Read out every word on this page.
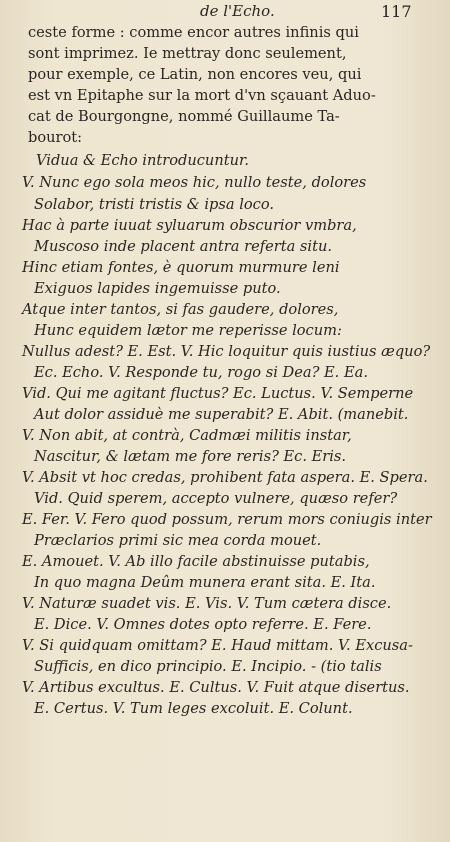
de l'Echo.	117
ceste forme : comme encor autres infinis qui
sont imprimez. Ie mettray donc seulement,
pour exemple, ce Latin, non encores veu, qui
est vn Epitaphe sur la mort d'vn sçauant Aduo-
cat de Bourgongne, nommé Guillaume Ta-
bourot:
Vidua & Echo introducuntur.
V. Nunc ego sola meos hic, nullo teste, dolores
Solabor, tristi tristis & ipsa loco.
Hac à parte iuuat syluarum obscurior vmbra,
Muscoso inde placent antra referta situ.
Hinc etiam fontes, è quorum murmure leni
Exiguos lapides ingemuisse puto.
Atque inter tantos, si fas gaudere, dolores,
Hunc equidem lætor me reperisse locum:
Nullus adest? E. Est. V. Hic loquitur quis iustius æquo?
Ec. Echo. V. Responde tu, rogo si Dea? E. Ea.
Vid. Qui me agitant fluctus? Ec. Luctus. V. Semperne
Aut dolor assiduè me superabit? E. Abit. (manebit.
V. Non abit, at contrà, Cadmæi militis instar,
Nascitur, & lætam me fore reris? Ec. Eris.
V. Absit vt hoc credas, prohibent fata aspera. E. Spera.
Vid. Quid sperem, accepto vulnere, quæso refer?
E. Fer. V. Fero quod possum, rerum mors coniugis inter
Præclarios primi sic mea corda mouet.
E. Amouet. V. Ab illo facile abstinuisse putabis,
In quo magna Deûm munera erant sita. E. Ita.
V. Naturæ suadet vis. E. Vis. V. Tum cætera disce.
E. Dice. V. Omnes dotes opto referre. E. Fere.
V. Si quidquam omittam? E. Haud mittam. V. Excusa-
Sufficis, en dico principio. E. Incipio. - (tio talis
V. Artibus excultus. E. Cultus. V. Fuit atque disertus.
E. Certus. V. Tum leges excoluit. E. Colunt.
